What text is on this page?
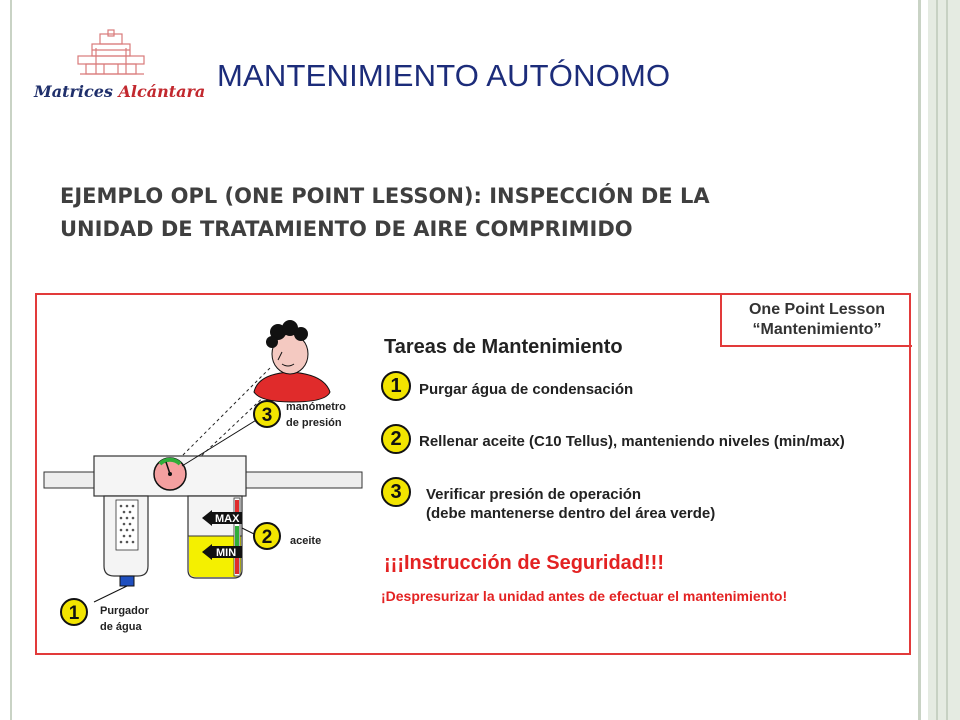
Matrices Alcántara MANTENIMIENTO AUTÓNOMO
EJEMPLO OPL (ONE POINT LESSON): INSPECCIÓN DE LA
UNIDAD DE TRATAMIENTO DE AIRE COMPRIMIDO
One Point Lesson
“Mantenimiento”
MAX
MIN
3
2
1
manómetro
de presión
aceite
Purgador
de água
Tareas de Mantenimiento
1	Purgar água de condensación
2	Rellenar aceite (C10 Tellus), manteniendo niveles (min/max)
3	Verificar presión de operación
(debe mantenerse dentro del área verde)
¡¡¡Instrucción de Seguridad!!!
¡Despresurizar la unidad antes de efectuar el mantenimiento!
